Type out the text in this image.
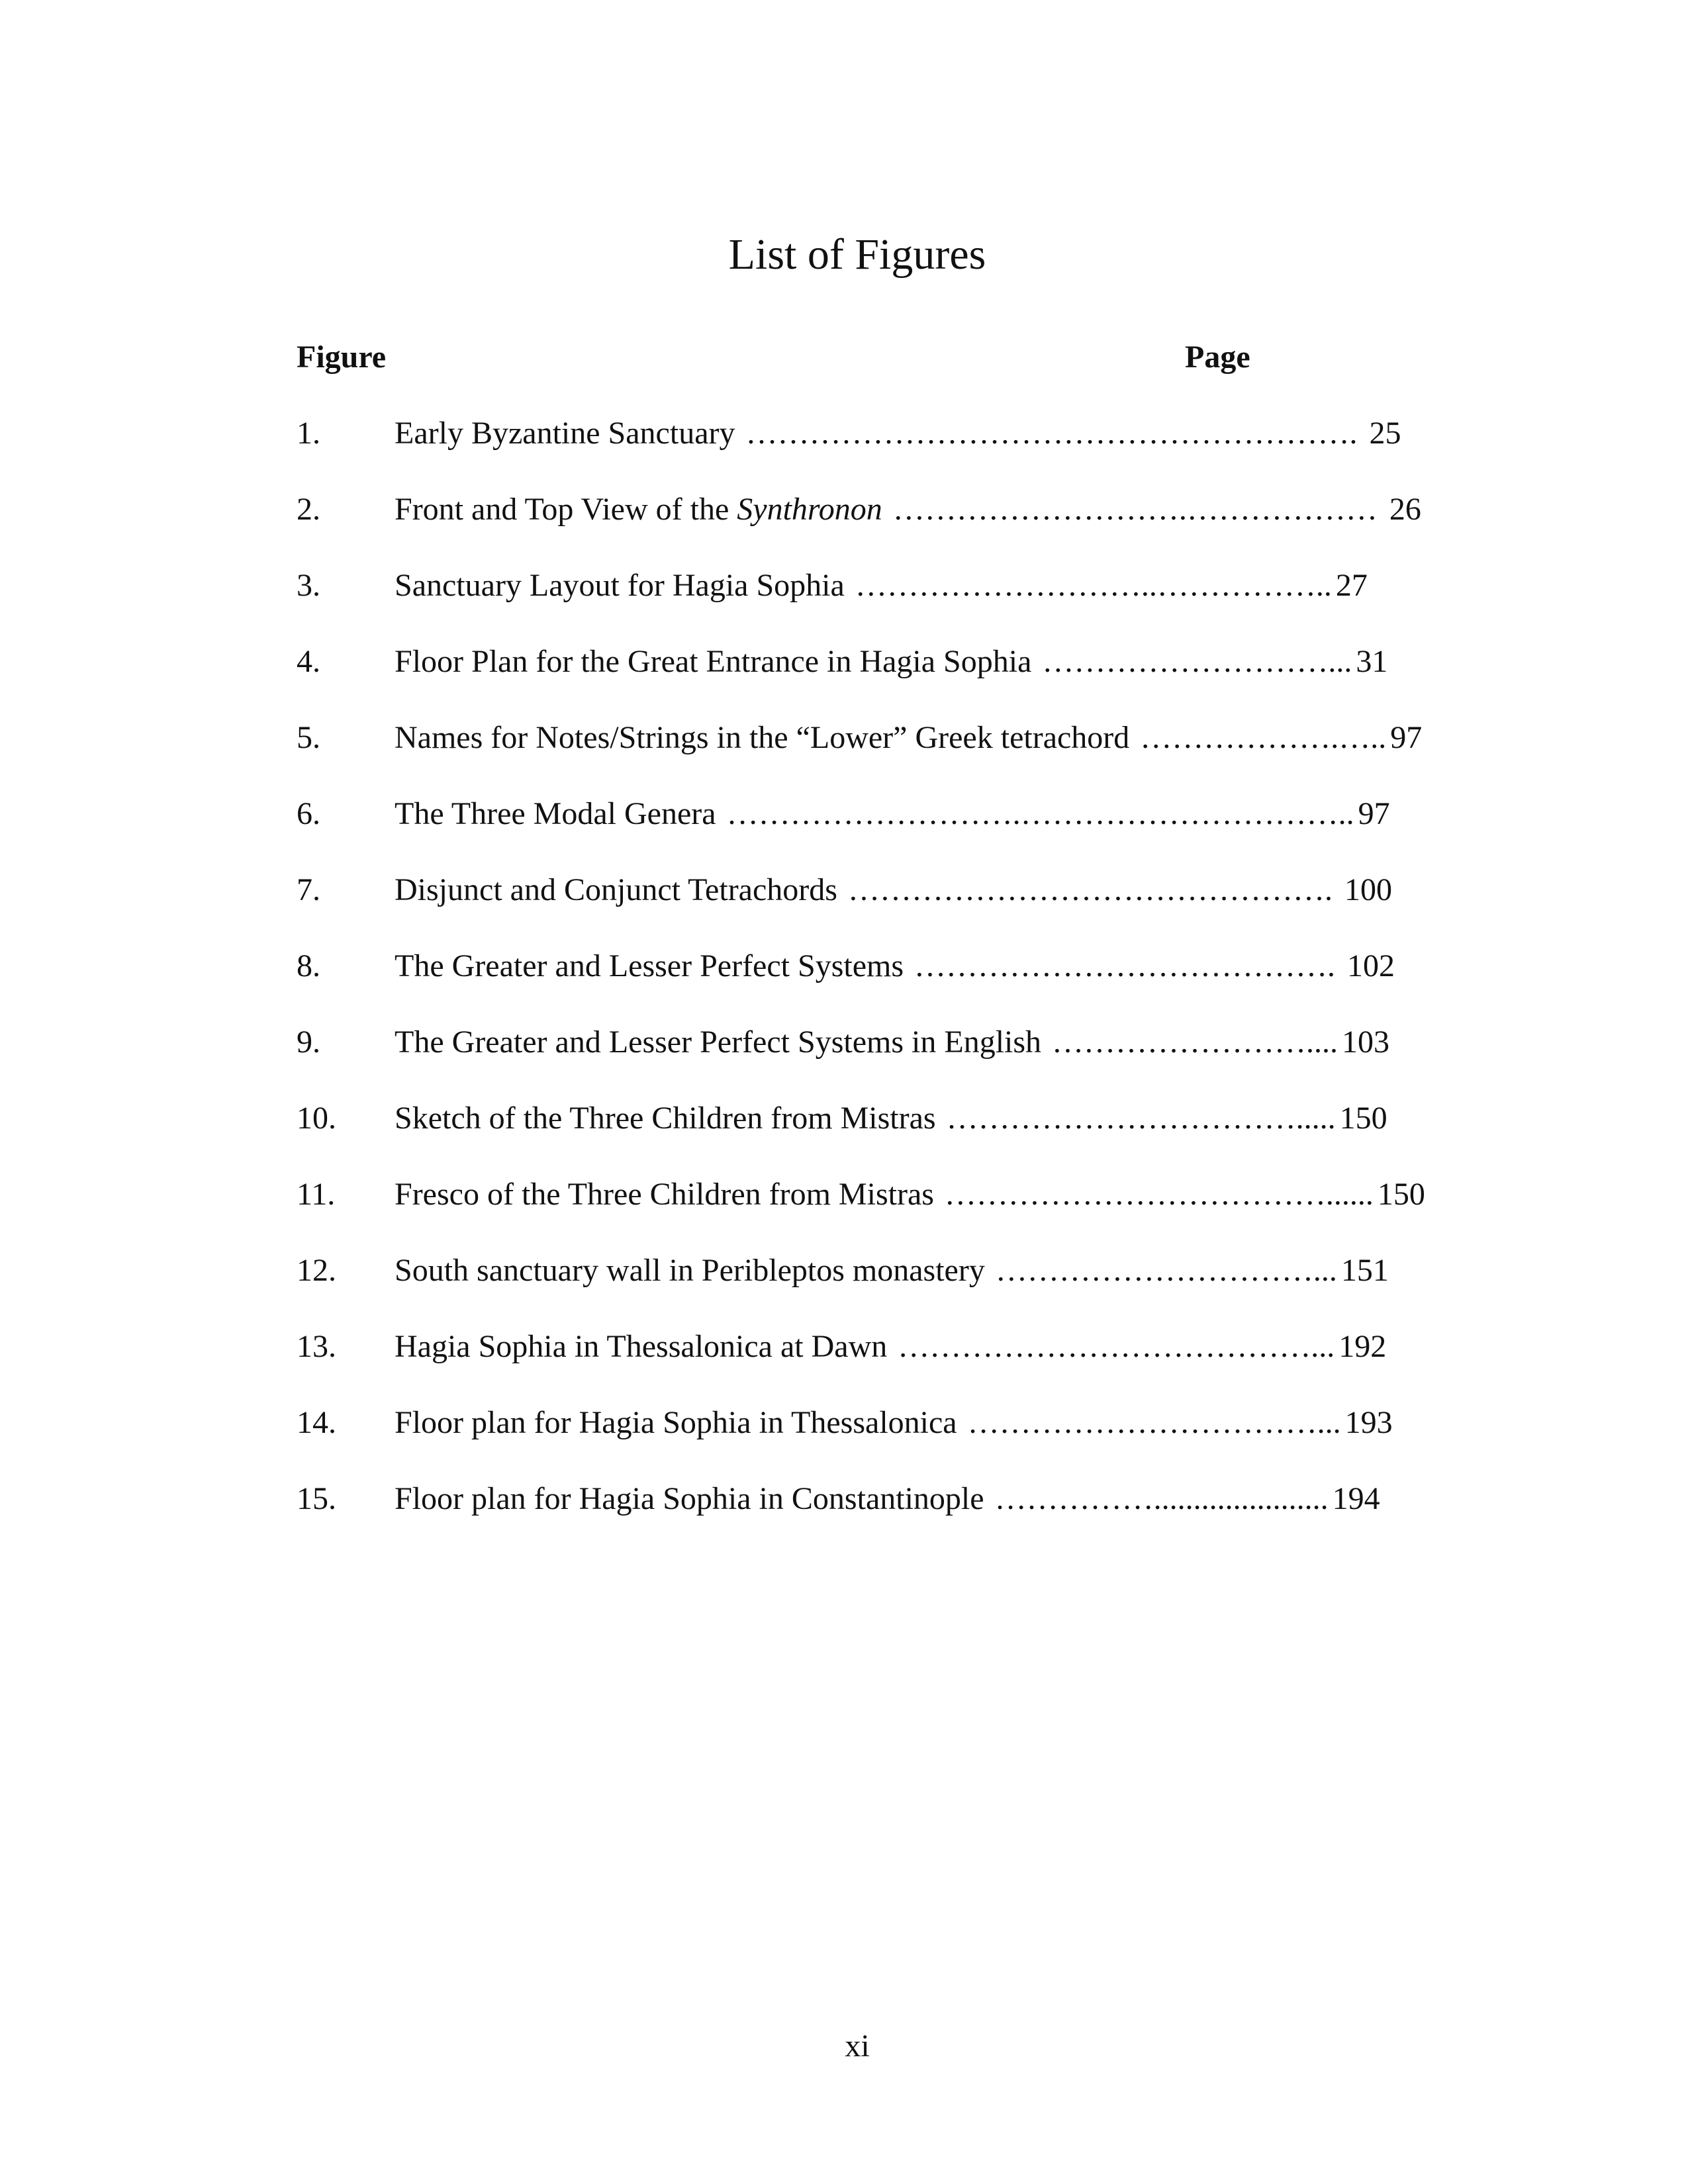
List of Figures
Figure	Page
1. Early Byzantine Sanctuary …………………………………………………. 25
2. Front and Top View of the Synthronon ……………………….……………… 26
3. Sanctuary Layout for Hagia Sophia ………………………..…………….. 27
4. Floor Plan for the Great Entrance in Hagia Sophia ………………………... 31
5. Names for Notes/Strings in the “Lower” Greek tetrachord ……………….….. 97
6. The Three Modal Genera ……………………….………………………….. 97
7. Disjunct and Conjunct Tetrachords ………………………………………. 100
8. The Greater and Lesser Perfect Systems …………………………………. 102
9. The Greater and Lesser Perfect Systems in English …………………….... 103
10. Sketch of the Three Children from Mistras ……………………………..... 150
11. Fresco of the Three Children from Mistras ………………………………...... 150
12. South sanctuary wall in Peribleptos monastery …………………………... 151
13. Hagia Sophia in Thessalonica at Dawn …………………………………... 192
14. Floor plan for Hagia Sophia in Thessalonica ……………………………... 193
15. Floor plan for Hagia Sophia in Constantinople ……………...................... 194
xi
